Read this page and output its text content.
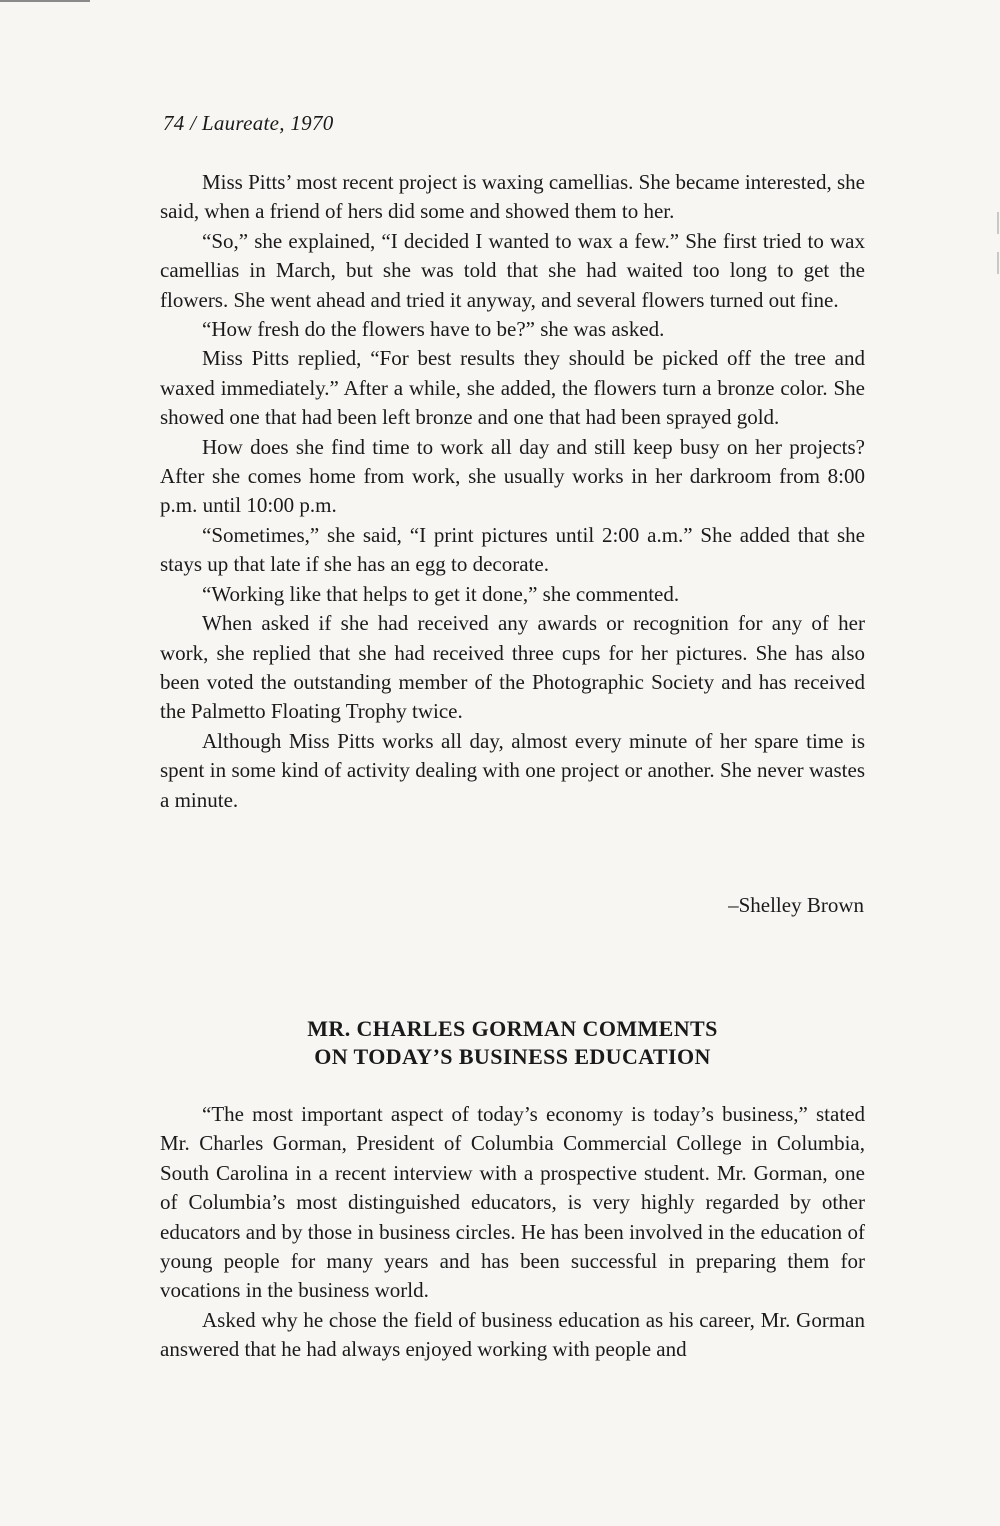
74 / Laureate, 1970

Miss Pitts’ most recent project is waxing camellias. She became interested, she said, when a friend of hers did some and showed them to her.

“So,” she explained, “I decided I wanted to wax a few.” She first tried to wax camellias in March, but she was told that she had waited too long to get the flowers. She went ahead and tried it anyway, and several flowers turned out fine.

“How fresh do the flowers have to be?” she was asked.

Miss Pitts replied, “For best results they should be picked off the tree and waxed immediately.” After a while, she added, the flowers turn a bronze color. She showed one that had been left bronze and one that had been sprayed gold.

How does she find time to work all day and still keep busy on her projects? After she comes home from work, she usually works in her darkroom from 8:00 p.m. until 10:00 p.m.

“Sometimes,” she said, “I print pictures until 2:00 a.m.” She added that she stays up that late if she has an egg to decorate.

“Working like that helps to get it done,” she commented.

When asked if she had received any awards or recognition for any of her work, she replied that she had received three cups for her pictures. She has also been voted the outstanding member of the Photographic Society and has received the Palmetto Floating Trophy twice.

Although Miss Pitts works all day, almost every minute of her spare time is spent in some kind of activity dealing with one project or another. She never wastes a minute.

–Shelley Brown
MR. CHARLES GORMAN COMMENTS
ON TODAY’S BUSINESS EDUCATION

“The most important aspect of today’s economy is today’s business,” stated Mr. Charles Gorman, President of Columbia Commercial College in Columbia, South Carolina in a recent interview with a prospective student. Mr. Gorman, one of Columbia’s most distinguished educators, is very highly regarded by other educators and by those in business circles. He has been involved in the education of young people for many years and has been successful in preparing them for vocations in the business world.

Asked why he chose the field of business education as his career, Mr. Gorman answered that he had always enjoyed working with people and
